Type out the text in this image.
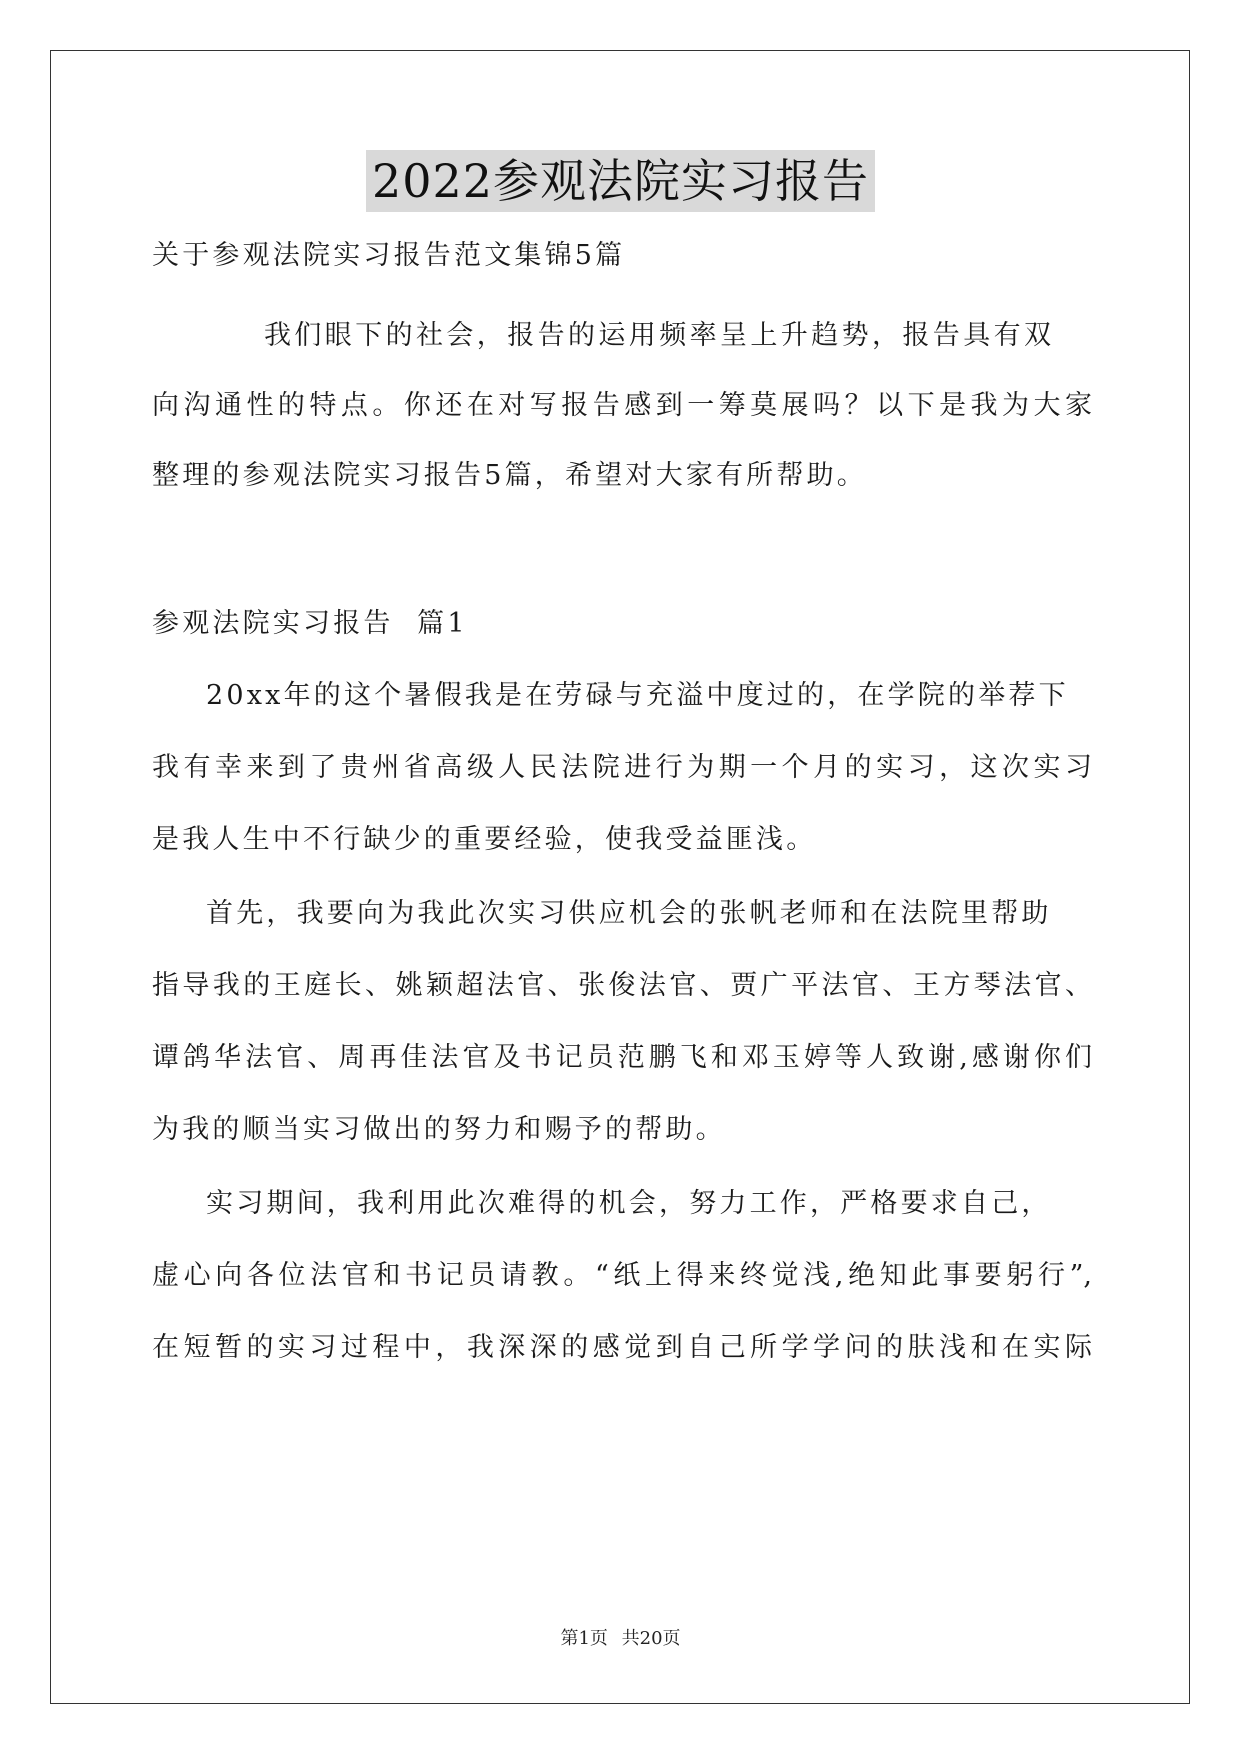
2022参观法院实习报告
关于参观法院实习报告范文集锦5篇
我们眼下的社会，报告的运用频率呈上升趋势，报告具有双
向沟通性的特点。你还在对写报告感到一筹莫展吗？以下是我为大家
整理的参观法院实习报告5篇，希望对大家有所帮助。
参观法院实习报告  篇1
20xx年的这个暑假我是在劳碌与充溢中度过的，在学院的举荐下
我有幸来到了贵州省高级人民法院进行为期一个月的实习，这次实习
是我人生中不行缺少的重要经验，使我受益匪浅。
首先，我要向为我此次实习供应机会的张帆老师和在法院里帮助
指导我的王庭长、姚颖超法官、张俊法官、贾广平法官、王方琴法官、
谭鸽华法官、周再佳法官及书记员范鹏飞和邓玉婷等人致谢,感谢你们
为我的顺当实习做出的努力和赐予的帮助。
实习期间，我利用此次难得的机会，努力工作，严格要求自己，
虚心向各位法官和书记员请教。“纸上得来终觉浅,绝知此事要躬行”,
在短暂的实习过程中，我深深的感觉到自己所学学问的肤浅和在实际
第1页 共20页
